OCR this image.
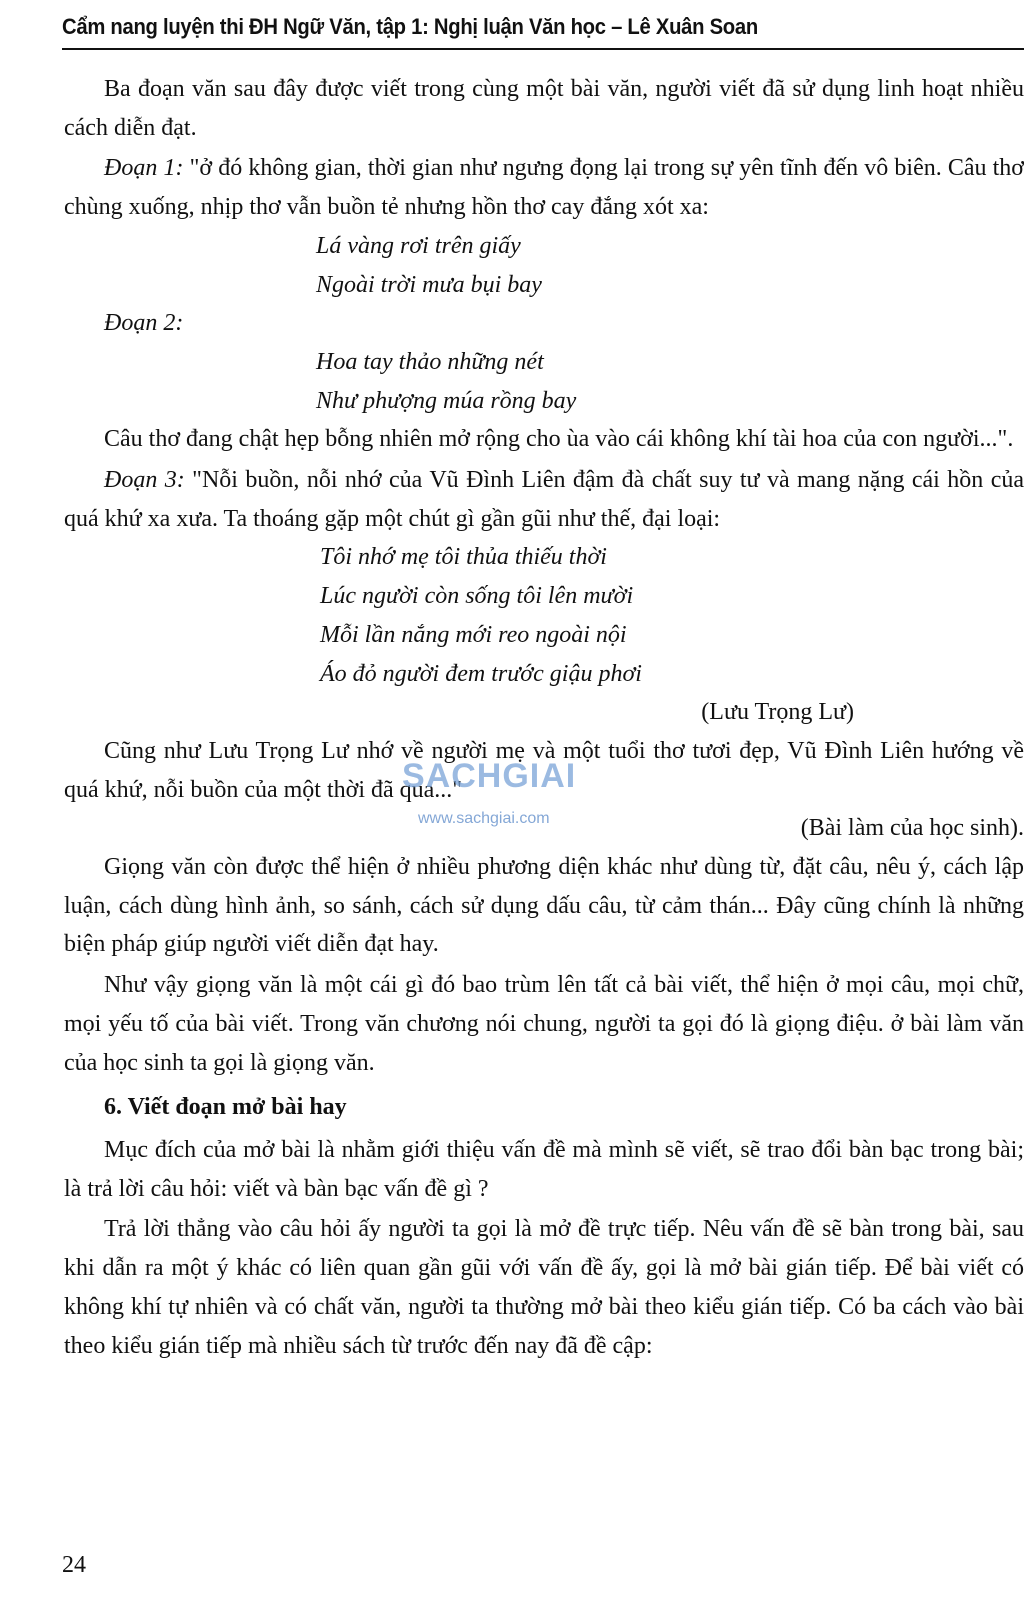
Cẩm nang luyện thi ĐH Ngữ Văn, tập 1: Nghị luận Văn học – Lê Xuân Soan

Ba đoạn văn sau đây được viết trong cùng một bài văn, người viết đã sử dụng linh hoạt nhiều cách diễn đạt.

Đoạn 1: "ở đó không gian, thời gian như ngưng đọng lại trong sự yên tĩnh đến vô biên. Câu thơ chùng xuống, nhịp thơ vẫn buồn tẻ nhưng hồn thơ cay đắng xót xa:

Lá vàng rơi trên giấy
Ngoài trời mưa bụi bay
Đoạn 2:
Hoa tay thảo những nét
Như phượng múa rồng bay

Câu thơ đang chật hẹp bỗng nhiên mở rộng cho ùa vào cái không khí tài hoa của con người...".

Đoạn 3: "Nỗi buồn, nỗi nhớ của Vũ Đình Liên đậm đà chất suy tư và mang nặng cái hồn của quá khứ xa xưa. Ta thoáng gặp một chút gì gần gũi như thế, đại loại:

Tôi nhớ mẹ tôi thủa thiếu thời
Lúc người còn sống tôi lên mười
Mỗi lần nắng mới reo ngoài nội
Áo đỏ người đem trước giậu phơi
(Lưu Trọng Lư)

Cũng như Lưu Trọng Lư nhớ về người mẹ và một tuổi thơ tươi đẹp, Vũ Đình Liên hướng về quá khứ, nỗi buồn của một thời đã qua..."

(Bài làm của học sinh).

Giọng văn còn được thể hiện ở nhiều phương diện khác như dùng từ, đặt câu, nêu ý, cách lập luận, cách dùng hình ảnh, so sánh, cách sử dụng dấu câu, từ cảm thán... Đây cũng chính là những biện pháp giúp người viết diễn đạt hay.

Như vậy giọng văn là một cái gì đó bao trùm lên tất cả bài viết, thể hiện ở mọi câu, mọi chữ, mọi yếu tố của bài viết. Trong văn chương nói chung, người ta gọi đó là giọng điệu. ở bài làm văn của học sinh ta gọi là giọng văn.

6. Viết đoạn mở bài hay

Mục đích của mở bài là nhằm giới thiệu vấn đề mà mình sẽ viết, sẽ trao đổi bàn bạc trong bài; là trả lời câu hỏi: viết và bàn bạc vấn đề gì ?

Trả lời thẳng vào câu hỏi ấy người ta gọi là mở đề trực tiếp. Nêu vấn đề sẽ bàn trong bài, sau khi dẫn ra một ý khác có liên quan gần gũi với vấn đề ấy, gọi là mở bài gián tiếp. Để bài viết có không khí tự nhiên và có chất văn, người ta thường mở bài theo kiểu gián tiếp. Có ba cách vào bài theo kiểu gián tiếp mà nhiều sách từ trước đến nay đã đề cập:

SACHGIAI
www.sachgiai.com
24
